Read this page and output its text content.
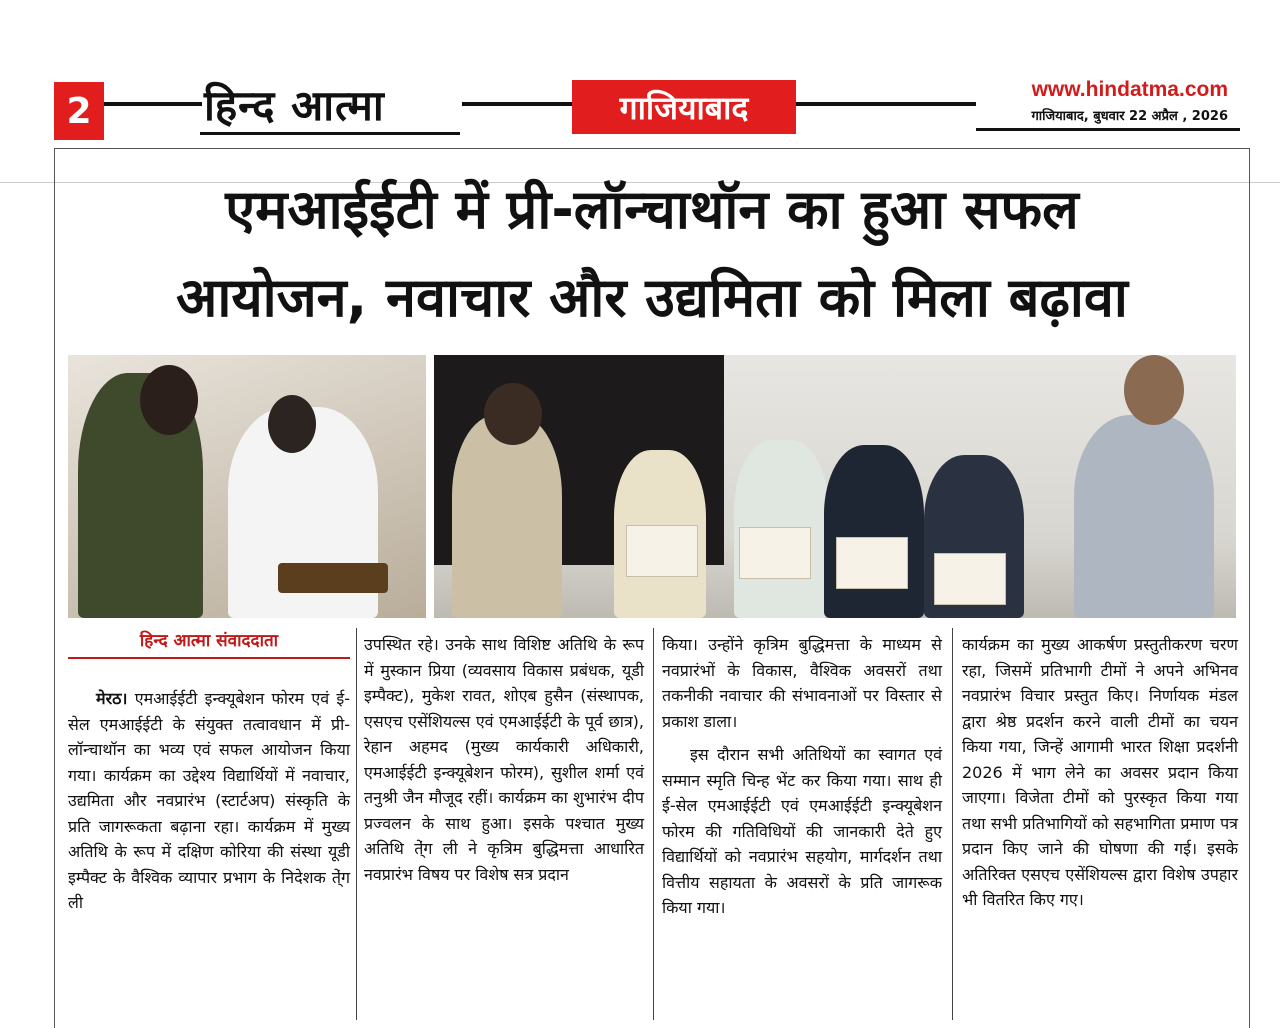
2	हिन्द आत्मा	गाजियाबाद	www.hindatma.com
गाजियाबाद, बुधवार 22 अप्रैल , 2026
एमआईईटी में प्री-लॉन्चाथॉन का हुआ सफल
आयोजन, नवाचार और उद्यमिता को मिला बढ़ावा
हिन्द आत्मा संवाददाता

मेरठ। एमआईईटी इन्क्यूबेशन फोरम एवं ई-सेल एमआईईटी के संयुक्त तत्वावधान में प्री-लॉन्चाथॉन का भव्य एवं सफल आयोजन किया गया। कार्यक्रम का उद्देश्य विद्यार्थियों में नवाचार, उद्यमिता और नवप्रारंभ (स्टार्टअप) संस्कृति के प्रति जागरूकता बढ़ाना रहा। कार्यक्रम में मुख्य अतिथि के रूप में दक्षिण कोरिया की संस्था यूडी इम्पैक्ट के वैश्विक व्यापार प्रभाग के निदेशक ते्ंग ली

उपस्थित रहे। उनके साथ विशिष्ट अतिथि के रूप में मुस्कान प्रिया (व्यवसाय विकास प्रबंधक, यूडी इम्पैक्ट), मुकेश रावत, शोएब हुसैन (संस्थापक, एसएच एसेंशियल्स एवं एमआईईटी के पूर्व छात्र), रेहान अहमद (मुख्य कार्यकारी अधिकारी, एमआईईटी इन्क्यूबेशन फोरम), सुशील शर्मा एवं तनुश्री जैन मौजूद रहीं। कार्यक्रम का शुभारंभ दीप प्रज्वलन के साथ हुआ। इसके पश्चात मुख्य अतिथि ते्ंग ली ने कृत्रिम बुद्धिमत्ता आधारित नवप्रारंभ विषय पर विशेष सत्र प्रदान

किया। उन्होंने कृत्रिम बुद्धिमत्ता के माध्यम से नवप्रारंभों के विकास, वैश्विक अवसरों तथा तकनीकी नवाचार की संभावनाओं पर विस्तार से प्रकाश डाला।

इस दौरान सभी अतिथियों का स्वागत एवं सम्मान स्मृति चिन्ह भेंट कर किया गया। साथ ही ई-सेल एमआईईटी एवं एमआईईटी इन्क्यूबेशन फोरम की गतिविधियों की जानकारी देते हुए विद्यार्थियों को नवप्रारंभ सहयोग, मार्गदर्शन तथा वित्तीय सहायता के अवसरों के प्रति जागरूक किया गया।

कार्यक्रम का मुख्य आकर्षण प्रस्तुतीकरण चरण रहा, जिसमें प्रतिभागी टीमों ने अपने अभिनव नवप्रारंभ विचार प्रस्तुत किए। निर्णायक मंडल द्वारा श्रेष्ठ प्रदर्शन करने वाली टीमों का चयन किया गया, जिन्हें आगामी भारत शिक्षा प्रदर्शनी 2026 में भाग लेने का अवसर प्रदान किया जाएगा। विजेता टीमों को पुरस्कृत किया गया तथा सभी प्रतिभागियों को सहभागिता प्रमाण पत्र प्रदान किए जाने की घोषणा की गई। इसके अतिरिक्त एसएच एसेंशियल्स द्वारा विशेष उपहार भी वितरित किए गए।
